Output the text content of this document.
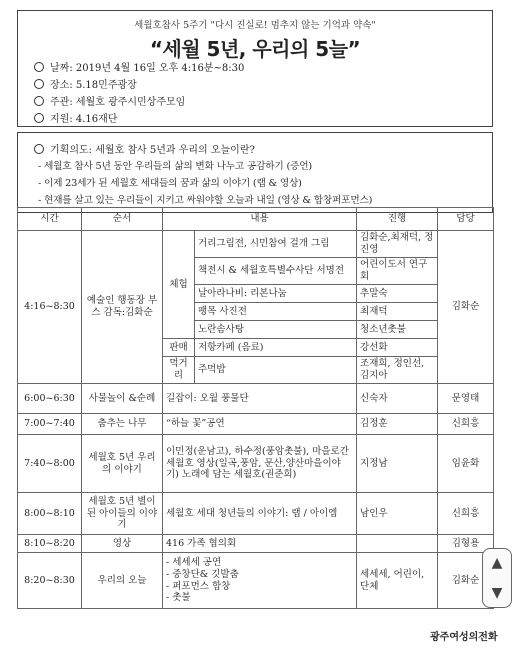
세월호참사 5주기 "다시 진실로! 멈추지 않는 기억과 약속"
“세월 5년, 우리의 5늘”
날짜: 2019년 4월 16일 오후 4:16분~8:30
장소: 5.18민주광장
주관: 세월호 광주시민상주모임
지원: 4.16재단
기획의도: 세월호 참사 5년과 우리의 오늘이란?
- 세월호 참사 5년 동안 우리들의 삶의 변화 나누고 공감하기 (증언)
- 이제 23세가 된 세월호 세대들의 꿈과 삶의 이야기 (랩 & 영상)
- 현재를 살고 있는 우리들이 지키고 싸워야할 오늘과 내일 (영상 & 합창퍼포먼스)
시간	순서	내용		진행	담당
4:16~8:30	예술인 행동장 부스 감독:김화순	체험	거리그림전, 시민참여 걸개 그림	김화순,최재덕, 정진영	김화순
			책전시 & 세월호특별수사단 서명전	어린이도서 연구회	
			날아라나비: 리본나눔	추말숙	
			팽목 사진전	최재덕	
			노란솜사탕	청소년촛불	
		판매	저항카페 (음료)	강선화	
		먹거리	주먹밥	조재희, 정인선, 김지아	
6:00~6:30	사물놀이 &순례	길잡이: 오월 풍물단		신숙자	문영태
7:00~7:40	춤추는 나무	“하늘 꽃”공연		김정훈	신희흥
7:40~8:00	세월호 5년 우리의 이야기	이민정(운남고), 하수정(풍암촛불), 마을로간 세월호 영상(일곡,풍암, 문산,양산마을이야기) 노래에 담는 세월호(권준희)		지정남	임윤화
8:00~8:10	세월호 5년 별이된 아이들의 이야기	세월호 세대 청년들의 이야기: 랩 / 아이엠		남인우	신희흥
8:10~8:20	영상	416 가족 협의회			김형용
8:20~8:30	우리의 오늘	- 세세세 공연
- 중창단& 깃발춤
- 퍼포먼스 합창
- 촛불		세세세, 어린이, 단체	김화순
▲
▼
광주여성의전화
